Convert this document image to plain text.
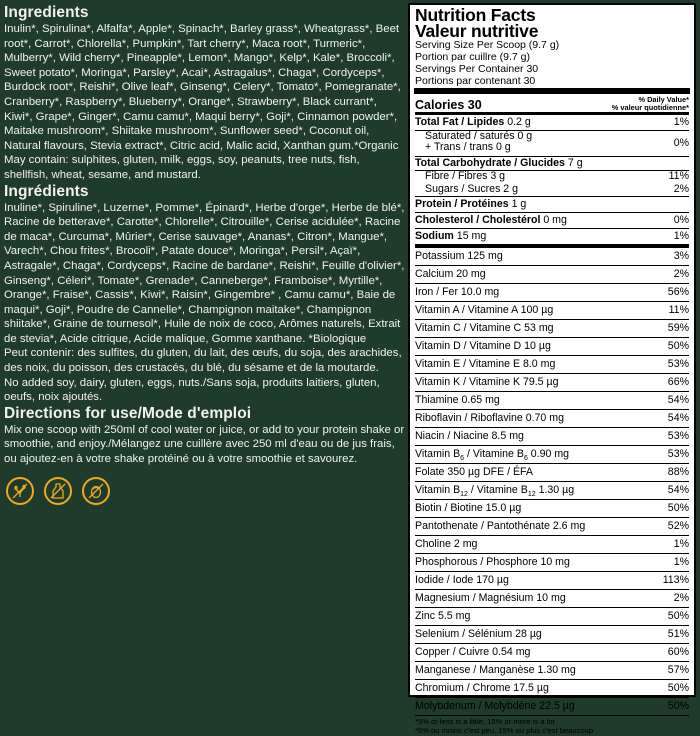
Ingredients

Inulin*, Spirulina*, Alfalfa*, Apple*, Spinach*, Barley grass*, Wheatgrass*, Beet root*, Carrot*, Chlorella*, Pumpkin*, Tart cherry*, Maca root*, Turmeric*, Mulberry*, Wild cherry*, Pineapple*, Lemon*, Mango*, Kelp*, Kale*, Broccoli*, Sweet potato*, Moringa*, Parsley*, Acai*, Astragalus*, Chaga*, Cordyceps*, Burdock root*, Reishi*, Olive leaf*, Ginseng*, Celery*, Tomato*, Pomegranate*, Cranberry*, Raspberry*, Blueberry*, Orange*, Strawberry*, Black currant*, Kiwi*, Grape*, Ginger*, Camu camu*, Maqui berry*, Goji*, Cinnamon powder*, Maitake mushroom*, Shiitake mushroom*, Sunflower seed*, Coconut oil, Natural flavours, Stevia extract*, Citric acid, Malic acid, Xanthan gum.*Organic

May contain: sulphites, gluten, milk, eggs, soy, peanuts, tree nuts, fish, shellfish, wheat, sesame, and mustard.

Ingrédients

Inuline*, Spiruline*, Luzerne*, Pomme*, Épinard*, Herbe d'orge*, Herbe de blé*, Racine de betterave*, Carotte*, Chlorelle*, Citrouille*, Cerise acidulée*, Racine de maca*, Curcuma*, Mûrier*, Cerise sauvage*, Ananas*, Citron*, Mangue*, Varech*, Chou frites*, Brocoli*, Patate douce*, Moringa*, Persil*, Açaï*, Astragale*, Chaga*, Cordyceps*, Racine de bardane*, Reishi*, Feuille d'olivier*, Ginseng*, Céleri*, Tomate*, Grenade*, Canneberge*, Framboise*, Myrtille*, Orange*, Fraise*, Cassis*, Kiwi*, Raisin*, Gingembre* , Camu camu*, Baie de maqui*, Goji*, Poudre de Cannelle*, Champignon maitake*, Champignon shiitake*, Graine de tournesol*, Huile de noix de coco, Arômes naturels, Extrait de stevia*, Acide citrique, Acide malique, Gomme xanthane. *Biologique

Peut contenir: des sulfites, du gluten, du lait, des œufs, du soja, des arachides, des noix, du poisson, des crustacés, du blé, du sésame et de la moutarde.

No added soy, dairy, gluten, eggs, nuts./Sans soja, produits laitiers, gluten, oeufs, noix ajoutés.

Directions for use/Mode d'emploi

Mix one scoop with 250ml of cool water or juice, or add to your protein shake or smoothie, and enjoy./Mélangez une cuillère avec 250 ml d'eau ou de jus frais, ou ajoutez-en à votre shake protéiné ou à votre smoothie et savourez.

Nutrition Facts
Valeur nutritive
Serving Size Per Scoop (9.7 g)
Portion par cuillre (9.7 g)
Servings Per Container 30
Portions par contenant 30
Calories 30	% Daily Value*
% valeur quotidienne*
Total Fat / Lipides 0.2 g	1%
Saturated / saturés 0 g
+ Trans / trans 0 g	0%
Total Carbohydrate / Glucides 7 g
Fibre / Fibres 3 g	11%
Sugars / Sucres 2 g	2%
Protein / Protéines 1 g
Cholesterol / Cholestérol 0 mg	0%
Sodium 15 mg	1%
Potassium 125 mg	3%
Calcium 20 mg	2%
Iron / Fer 10.0 mg	56%
Vitamin A / Vitamine A 100 µg	11%
Vitamin C / Vitamine C 53 mg	59%
Vitamin D / Vitamine D 10 µg	50%
Vitamin E / Vitamine E 8.0 mg	53%
Vitamin K / Vitamine K 79.5 µg	66%
Thiamine 0.65 mg	54%
Riboflavin / Riboflavine 0.70 mg	54%
Niacin / Niacine 8.5 mg	53%
Vitamin $B_6$ / Vitamine $B_6$ 0.90 mg	53%
Folate 350 µg DFE / ÉFA	88%
Vitamin $B_{12}$ / Vitamine $B_{12}$ 1.30 µg	54%
Biotin / Biotine 15.0 µg	50%
Pantothenate / Pantothénate 2.6 mg	52%
Choline 2 mg	1%
Phosphorous / Phosphore 10 mg	1%
Iodide / Iode 170 µg	113%
Magnesium / Magnésium 10 mg	2%
Zinc 5.5 mg	50%
Selenium / Sélénium 28 µg	51%
Copper / Cuivre 0.54 mg	60%
Manganese / Manganèse 1.30 mg	57%
Chromium / Chrome 17.5 µg	50%
Molybdenum / Molybdène 22.5 µg	50%
*5% or less is a little, 15% or more is a lot
*5% ou moins c'est peu, 15% ou plus c'est beaucoup
